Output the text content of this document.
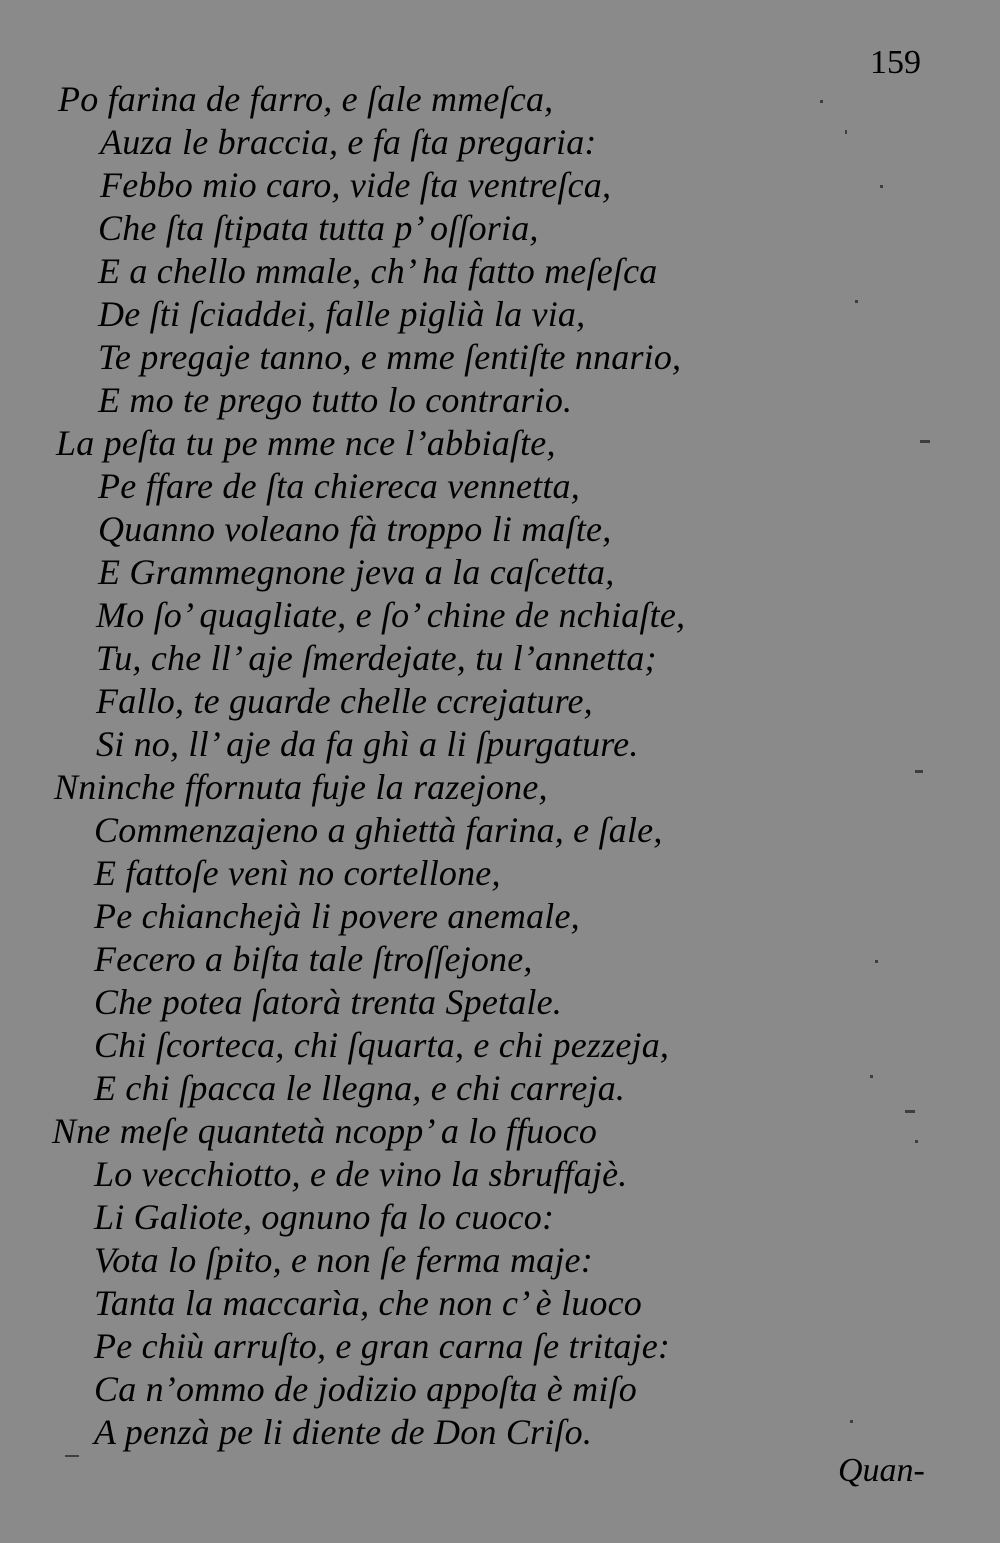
159
Po farina de farro, e ſale mmeſca,
Auza le braccia, e fa ſta pregaria:
Febbo mio caro, vide ſta ventreſca,
Che ſta ſtipata tutta p’ oſſoria,
E a chello mmale, ch’ ha fatto meſeſca
De ſti ſciaddei, falle piglià la via,
Te pregaje tanno, e mme ſentiſte nnario,
E mo te prego tutto lo contrario.
La peſta tu pe mme nce l’abbiaſte,
Pe ffare de ſta chiereca vennetta,
Quanno voleano fà troppo li maſte,
E Grammegnone jeva a la caſcetta,
Mo ſo’ quagliate, e ſo’ chine de nchiaſte,
Tu, che ll’ aje ſmerdejate, tu l’annetta;
Fallo, te guarde chelle ccrejature,
Si no, ll’ aje da fa ghì a li ſpurgature.
Nninche ffornuta fuje la razejone,
Commenzajeno a ghiettà farina, e ſale,
E fattoſe venì no cortellone,
Pe chianchejà li povere anemale,
Fecero a biſta tale ſtroſſejone,
Che potea ſatorà trenta Spetale.
Chi ſcorteca, chi ſquarta, e chi pezzeja,
E chi ſpacca le llegna, e chi carreja.
Nne meſe quantetà ncopp’ a lo ffuoco
Lo vecchiotto, e de vino la sbruffajè.
Li Galiote, ognuno fa lo cuoco:
Vota lo ſpito, e non ſe ferma maje:
Tanta la maccarìa, che non c’ è luoco
Pe chiù arruſto, e gran carna ſe tritaje:
Ca n’ommo de jodizio appoſta è miſo
A penzà pe li diente de Don Criſo.
Quan-
